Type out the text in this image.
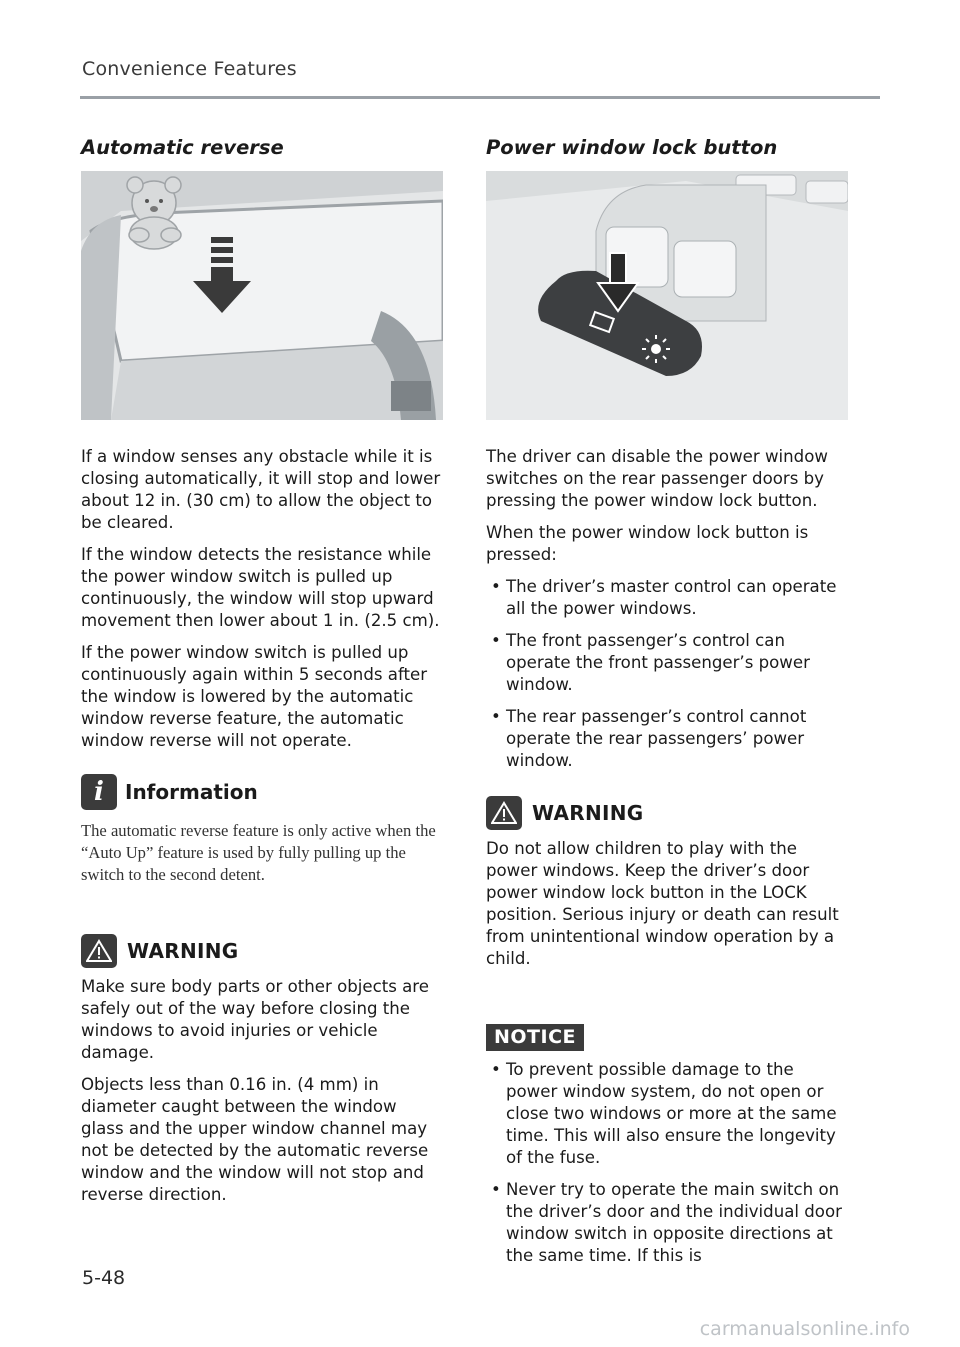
Convenience Features
Automatic reverse

If a window senses any obstacle while it is closing automatically, it will stop and lower about 12 in. (30 cm) to allow the object to be cleared.

If the window detects the resistance while the power window switch is pulled up continuously, the window will stop upward movement then lower about 1 in. (2.5 cm).

If the power window switch is pulled up continuously again within 5 seconds after the window is lowered by the automatic window reverse feature, the automatic window reverse will not operate.

i	Information

The automatic reverse feature is only active when the “Auto Up” feature is used by fully pulling up the switch to the second detent.

WARNING

Make sure body parts or other objects are safely out of the way before closing the windows to avoid injuries or vehicle damage.

Objects less than 0.16 in. (4 mm) in diameter caught between the window glass and the upper window channel may not be detected by the automatic reverse window and the window will not stop and reverse direction.

Power window lock button

The driver can disable the power window switches on the rear passenger doors by pressing the power window lock button.

When the power window lock button is pressed:

• The driver’s master control can operate all the power windows.
• The front passenger’s control can operate the front passenger’s power window.
• The rear passenger’s control cannot operate the rear passengers’ power window.
WARNING

Do not allow children to play with the power windows. Keep the driver’s door power window lock button in the LOCK position. Serious injury or death can result from unintentional window operation by a child.

NOTICE
• To prevent possible damage to the power window system, do not open or close two windows or more at the same time. This will also ensure the longevity of the fuse.
• Never try to operate the main switch on the driver’s door and the individual door window switch in opposite directions at the same time. If this is
5-48
carmanualsonline.info
